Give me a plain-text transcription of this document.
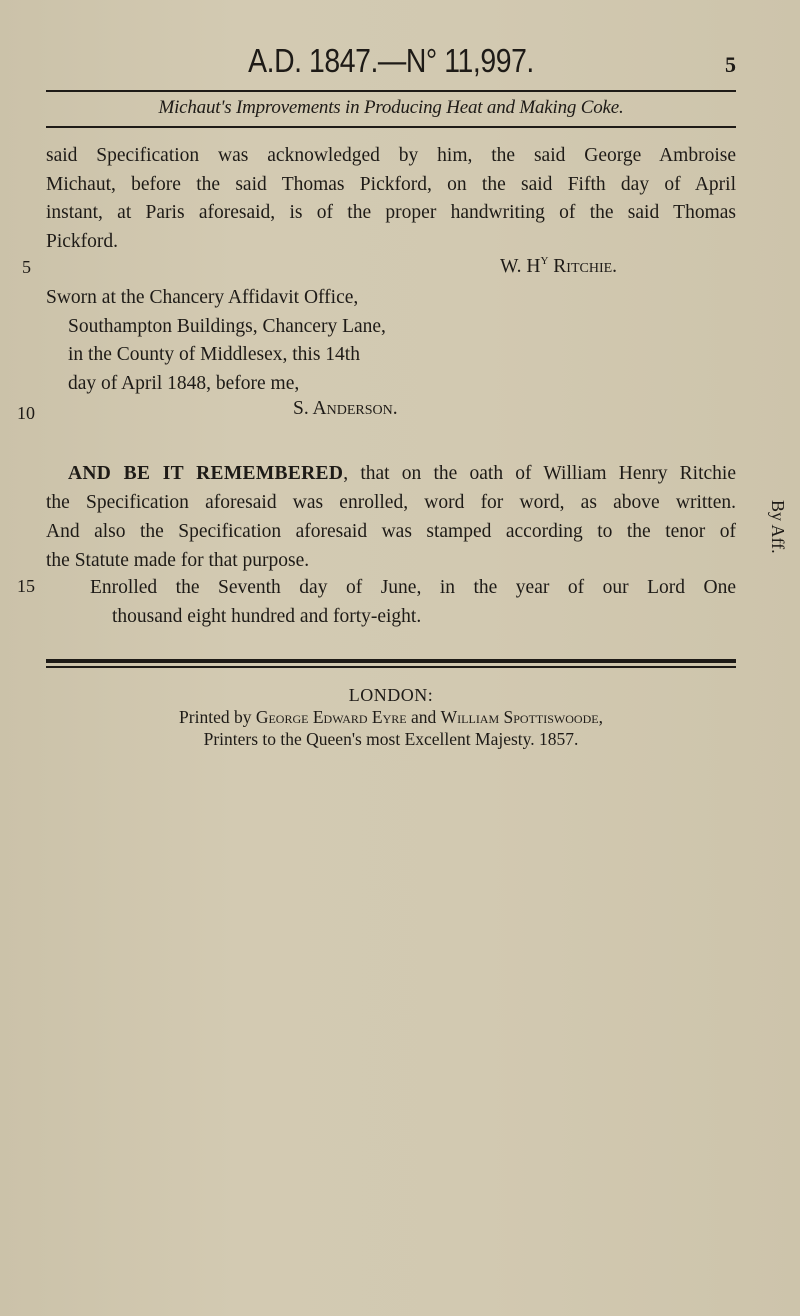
A.D. 1847.—N° 11,997.	5
Michaut's Improvements in Producing Heat and Making Coke.
said Specification was acknowledged by him, the said George Ambroise
Michaut, before the said Thomas Pickford, on the said Fifth day of April
instant, at Paris aforesaid, is of the proper handwriting of the said Thomas
Pickford.
5	W. $H^Y$ Ritchie.
Sworn at the Chancery Affidavit Office,
Southampton Buildings, Chancery Lane,
in the County of Middlesex, this 14th
day of April 1848, before me,
10	S. Anderson.
AND BE IT REMEMBERED, that on the oath of William Henry Ritchie
the Specification aforesaid was enrolled, word for word, as above written.
And also the Specification aforesaid was stamped according to the tenor of
the Statute made for that purpose.
By Aff.
15	Enrolled the Seventh day of June, in the year of our Lord One
thousand eight hundred and forty-eight.
LONDON:
Printed by George Edward Eyre and William Spottiswoode,
Printers to the Queen's most Excellent Majesty. 1857.
